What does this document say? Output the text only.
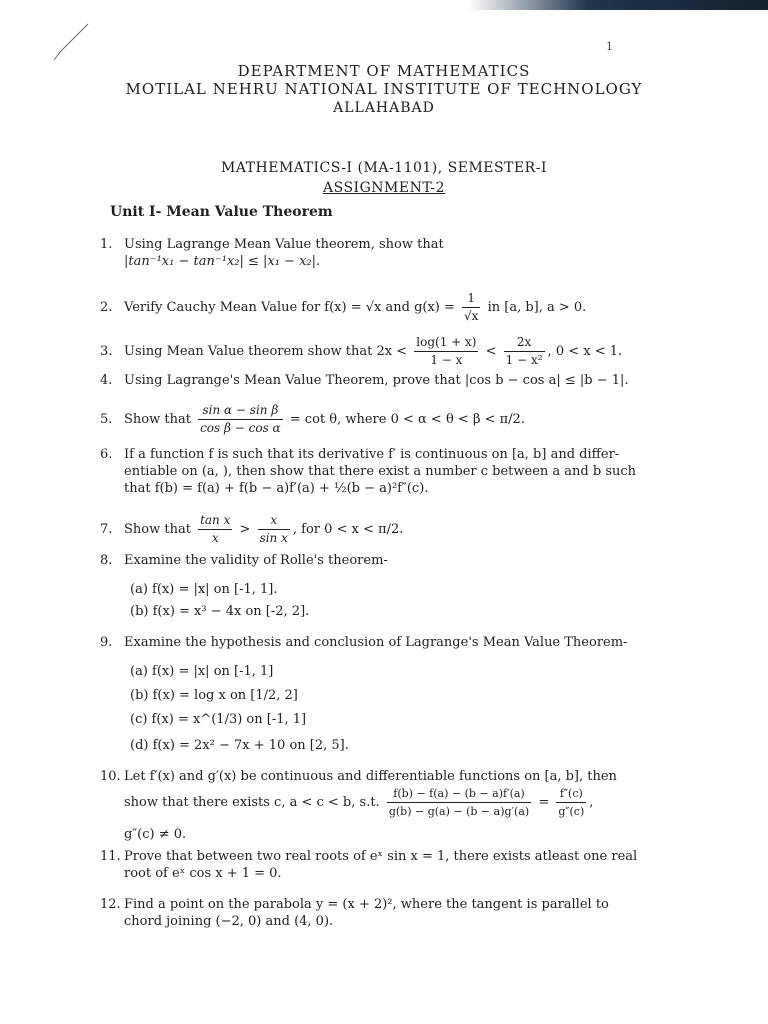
1
DEPARTMENT OF MATHEMATICS
MOTILAL NEHRU NATIONAL INSTITUTE OF TECHNOLOGY
ALLAHABAD
MATHEMATICS-I (MA-1101), SEMESTER-I
ASSIGNMENT-2
Unit I- Mean Value Theorem
1. Using Lagrange Mean Value theorem, show that
|tan⁻¹x₁ − tan⁻¹x₂| ≤ |x₁ − x₂|.
2. Verify Cauchy Mean Value for f(x) = √x and $g(x) = \frac{1}{√x}$ in [a, b], a > 0.
3. Using Mean Value theorem show that $2x < \frac{\log(1 + x)}{1 - x} < \frac{2x}{\text{1 − x²}}$ , 0 < x < 1.
4. Using Lagrange's Mean Value Theorem, prove that |cos b − cos a| ≤ |b − 1|.
5. Show that $\frac{\text{sin α − sin β}}{\text{cos β − cos α}} = \cot \theta$, where 0 < α < θ < β < π/2.
6. If a function f is such that its derivative f′ is continuous on [a, b] and differ-
entiable on (a, ), then show that there exist a number c between a and b such
that f(b) = f(a) + f(b − a)f′(a) + ½(b − a)²f″(c).
7. Show that $\frac{\text{tan x}}{x} > \frac{x}{\text{sin x}}$ , for 0 < x < π/2.
8. Examine the validity of Rolle's theorem-
(a) f(x) = |x| on [-1, 1].
(b) f(x) = x³ − 4x on [-2, 2].
9. Examine the hypothesis and conclusion of Lagrange's Mean Value Theorem-
(a) f(x) = |x| on [-1, 1]
(b) f(x) = log x on [1/2, 2]
(c) f(x) = x^(1/3) on [-1, 1]
(d) f(x) = 2x² − 7x + 10 on [2, 5].
10. Let f′(x) and g′(x) be continuous and differentiable functions on [a, b], then
show that there exists c, a < c < b, s.t. $\frac{f(b) - f(a) - (b - a)f'(a)}{g(b) - g(a) - (b - a)g'(a)} = \frac{f''(c)}{g''(c)}$ ,
g″(c) ≠ 0.
11. Prove that between two real roots of eˣ sin x = 1, there exists atleast one real
root of eˣ cos x + 1 = 0.
12. Find a point on the parabola y = (x + 2)², where the tangent is parallel to
chord joining (−2, 0) and (4, 0).
